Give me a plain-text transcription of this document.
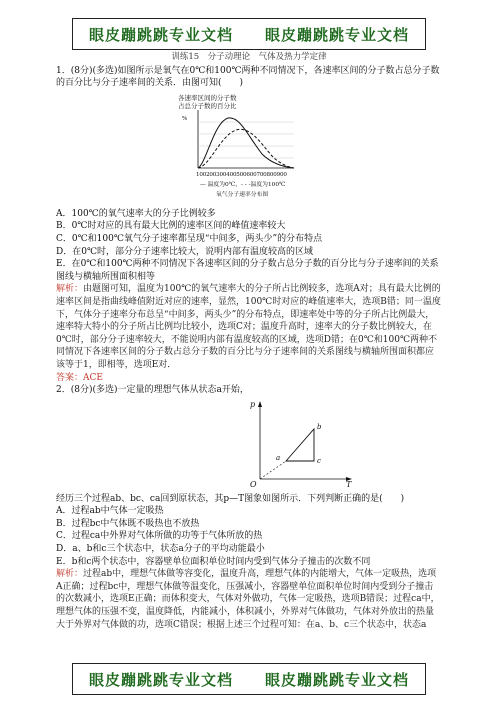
眼皮蹦跳跳专业文档 眼皮蹦跳跳专业文档
训练15　分子动理论　气体及热力学定律
1．(8分)(多选)如图所示是氧气在0℃和100℃两种不同情况下，各速率区间的分子数占总分子数的百分比与分子速率间的关系．由图可知(　　)
各速率区间的分子数
占总分子数的百分比
%
100200300400500600700800900
— 温度为0℃，- - -温度为100℃
氧气分子速率分布图
A．100℃的氧气速率大的分子比例较多
B．0℃时对应的具有最大比例的速率区间的峰值速率较大
C．0℃和100℃氧气分子速率都呈现“中间多，两头少”的分布特点
D．在0℃时，部分分子速率比较大，说明内部有温度较高的区域
E．在0℃和100℃两种不同情况下各速率区间的分子数占总分子数的百分比与分子速率间的关系图线与横轴所围面积相等
解析：由题图可知，温度为100℃的氧气速率大的分子所占比例较多，选项A对；具有最大比例的速率区间是指曲线峰值附近对应的速率，显然，100℃时对应的峰值速率大，选项B错；同一温度下，气体分子速率分布总呈“中间多，两头少”的分布特点，即速率处中等的分子所占比例最大，速率特大特小的分子所占比例均比较小，选项C对；温度升高时，速率大的分子数比例较大，在0℃时，部分分子速率较大，不能说明内部有温度较高的区域，选项D错；在0℃和100℃两种不同情况下各速率区间的分子数占总分子数的百分比与分子速率间的关系图线与横轴所围面积都应该等于1，即相等，选项E对．
答案：ACE
2．(8分)(多选)一定量的理想气体从状态a开始，
p
T
O
a
b
c
经历三个过程ab、bc、ca回到原状态，其p—T图象如图所示．下列判断正确的是(　　)
A．过程ab中气体一定吸热
B．过程bc中气体既不吸热也不放热
C．过程ca中外界对气体所做的功等于气体所放的热
D．a、b和c三个状态中，状态a分子的平均动能最小
E．b和c两个状态中，容器壁单位面积单位时间内受到气体分子撞击的次数不同
解析：过程ab中，理想气体做等容变化，温度升高，理想气体的内能增大，气体一定吸热，选项A正确；过程bc中，理想气体做等温变化，压强减小，容器壁单位面积单位时间内受到分子撞击的次数减小，选项E正确；而体积变大，气体对外做功，气体一定吸热，选项B错误；过程ca中，理想气体的压强不变，温度降低，内能减小，体积减小，外界对气体做功，气体对外放出的热量大于外界对气体做的功，选项C错误；根据上述三个过程可知：在a、b、c三个状态中，状态a
眼皮蹦跳跳专业文档 眼皮蹦跳跳专业文档
